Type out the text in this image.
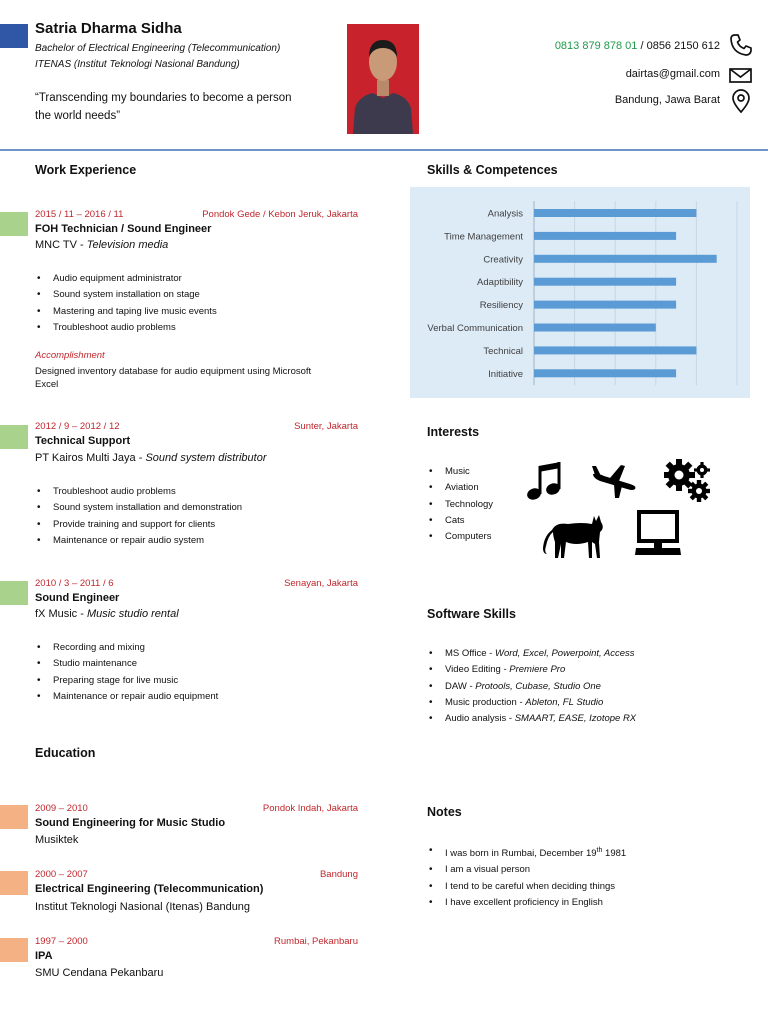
Satria Dharma Sidha
Bachelor of Electrical Engineering (Telecommunication)
ITENAS (Institut Teknologi Nasional Bandung)
“Transcending my boundaries to become a person
the world needs”
0813 879 878 01 / 0856 2150 612
dairtas@gmail.com
Bandung, Jawa Barat
Work Experience
2015 / 11 – 2016 / 11	Pondok Gede / Kebon Jeruk, Jakarta
FOH Technician / Sound Engineer
MNC TV - Television media
• Audio equipment administrator
• Sound system installation on stage
• Mastering and taping live music events
• Troubleshoot audio problems
Accomplishment
Designed inventory database for audio equipment using Microsoft
Excel
2012 / 9 – 2012 / 12	Sunter, Jakarta
Technical Support
PT Kairos Multi Jaya - Sound system distributor
• Troubleshoot audio problems
• Sound system installation and demonstration
• Provide training and support for clients
• Maintenance or repair audio system
2010 / 3 – 2011 / 6	Senayan, Jakarta
Sound Engineer
fX Music - Music studio rental
• Recording and mixing
• Studio maintenance
• Preparing stage for live music
• Maintenance or repair audio equipment
Education
2009 – 2010	Pondok Indah, Jakarta
Sound Engineering for Music Studio
Musiktek
2000 – 2007	Bandung
Electrical Engineering (Telecommunication)
Institut Teknologi Nasional (Itenas) Bandung
1997 – 2000	Rumbai, Pekanbaru
IPA
SMU Cendana Pekanbaru
Skills & Competences
Analysis
Time Management
Creativity
Adaptibility
Resiliency
Verbal Communication
Technical
Initiative
Interests
• Music
• Aviation
• Technology
• Cats
• Computers
Software Skills
• MS Office - Word, Excel, Powerpoint, Access
• Video Editing - Premiere Pro
• DAW - Protools, Cubase, Studio One
• Music production - Ableton, FL Studio
• Audio analysis - SMAART, EASE, Izotope RX
Notes
• I was born in Rumbai, December 19th 1981
• I am a visual person
• I tend to be careful when deciding things
• I have excellent proficiency in English
